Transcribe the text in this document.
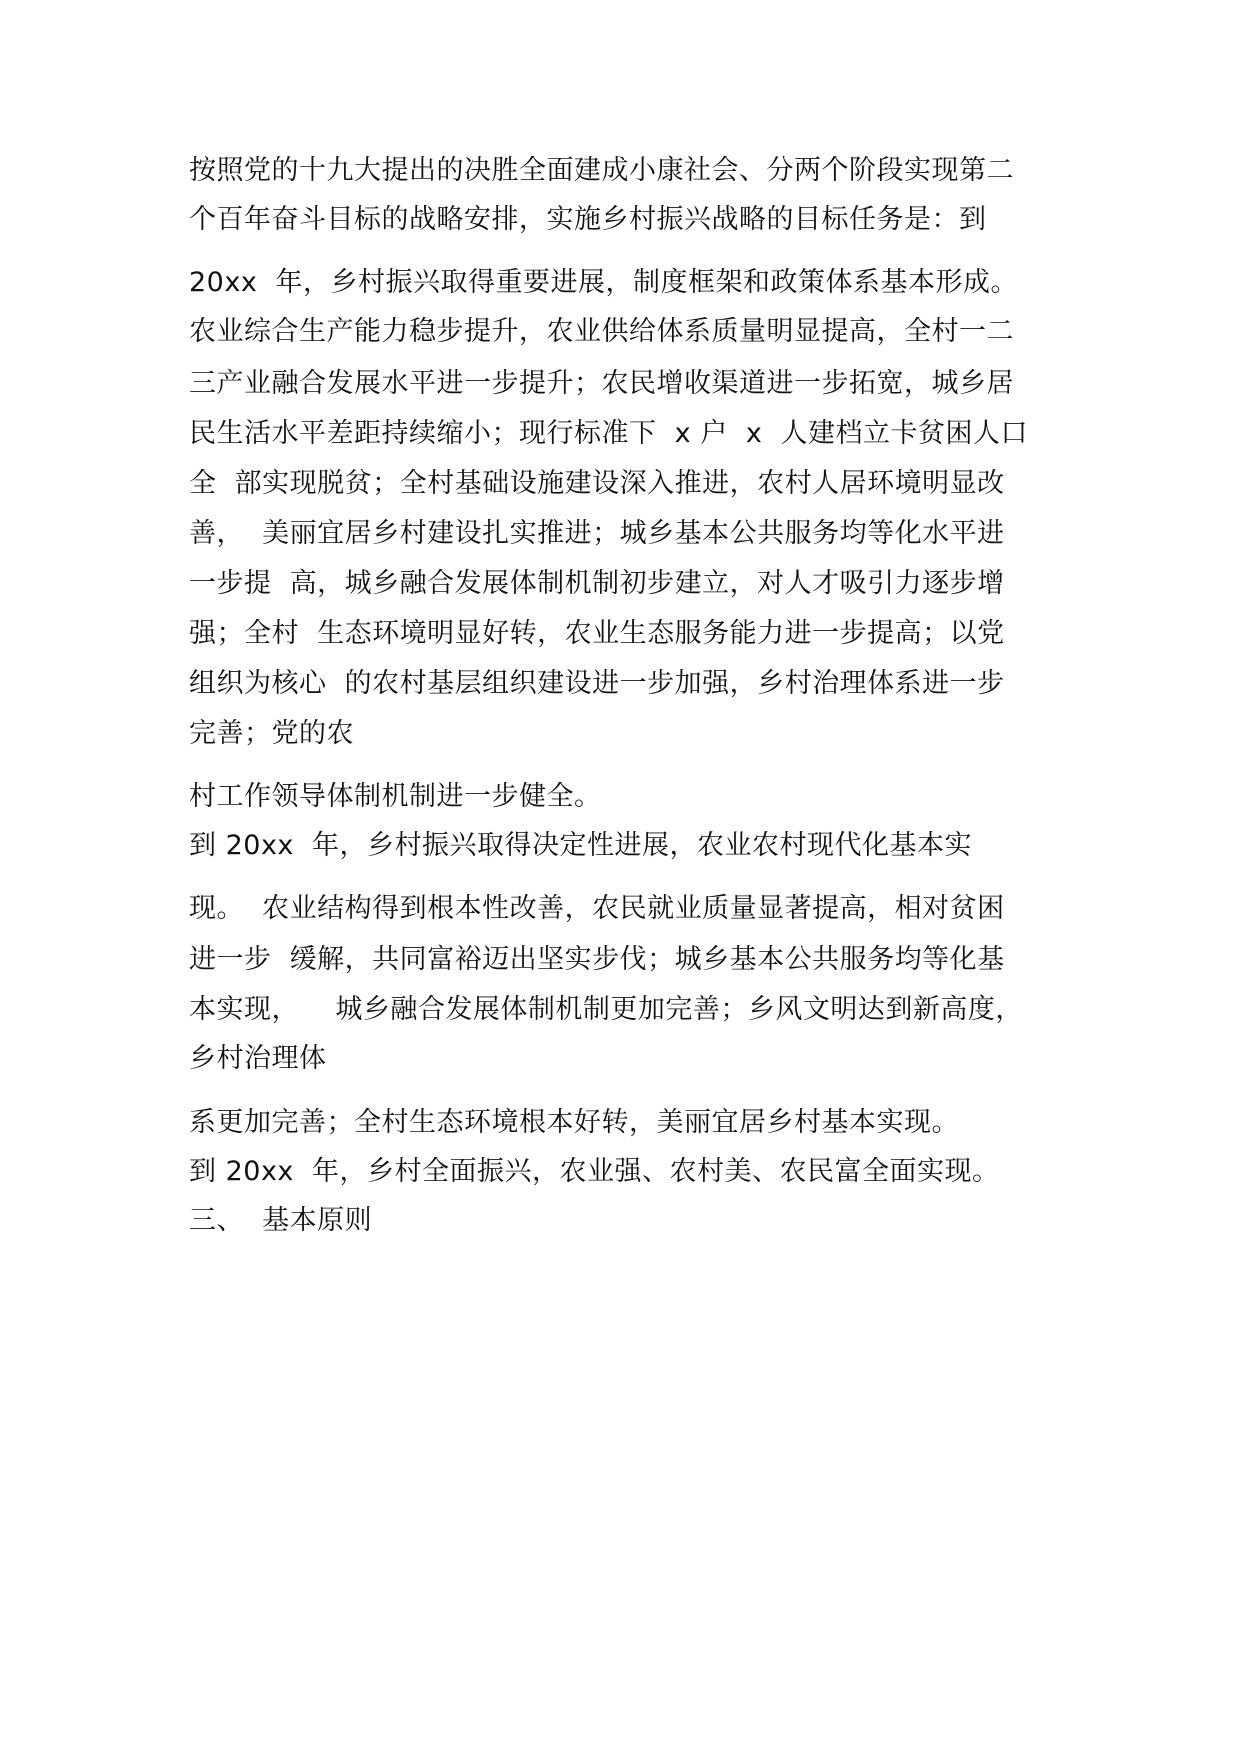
按照党的十九大提出的决胜全面建成小康社会、分两个阶段实现第二
个百年奋斗目标的战略安排，实施乡村振兴战略的目标任务是：到
20xx  年，乡村振兴取得重要进展，制度框架和政策体系基本形成。
农业综合生产能力稳步提升，农业供给体系质量明显提高，全村一二
三产业融合发展水平进一步提升；农民增收渠道进一步拓宽，城乡居
民生活水平差距持续缩小；现行标准下  x 户  x  人建档立卡贫困人口
全  部实现脱贫；全村基础设施建设深入推进，农村人居环境明显改
善，  美丽宜居乡村建设扎实推进；城乡基本公共服务均等化水平进
一步提  高，城乡融合发展体制机制初步建立，对人才吸引力逐步增
强；全村  生态环境明显好转，农业生态服务能力进一步提高；以党
组织为核心  的农村基层组织建设进一步加强，乡村治理体系进一步
完善；党的农
村工作领导体制机制进一步健全。
到 20xx  年，乡村振兴取得决定性进展，农业农村现代化基本实
现。  农业结构得到根本性改善，农民就业质量显著提高，相对贫困
进一步  缓解，共同富裕迈出坚实步伐；城乡基本公共服务均等化基
本实现，    城乡融合发展体制机制更加完善；乡风文明达到新高度，
乡村治理体
系更加完善；全村生态环境根本好转，美丽宜居乡村基本实现。
到 20xx  年，乡村全面振兴，农业强、农村美、农民富全面实现。
三、  基本原则
